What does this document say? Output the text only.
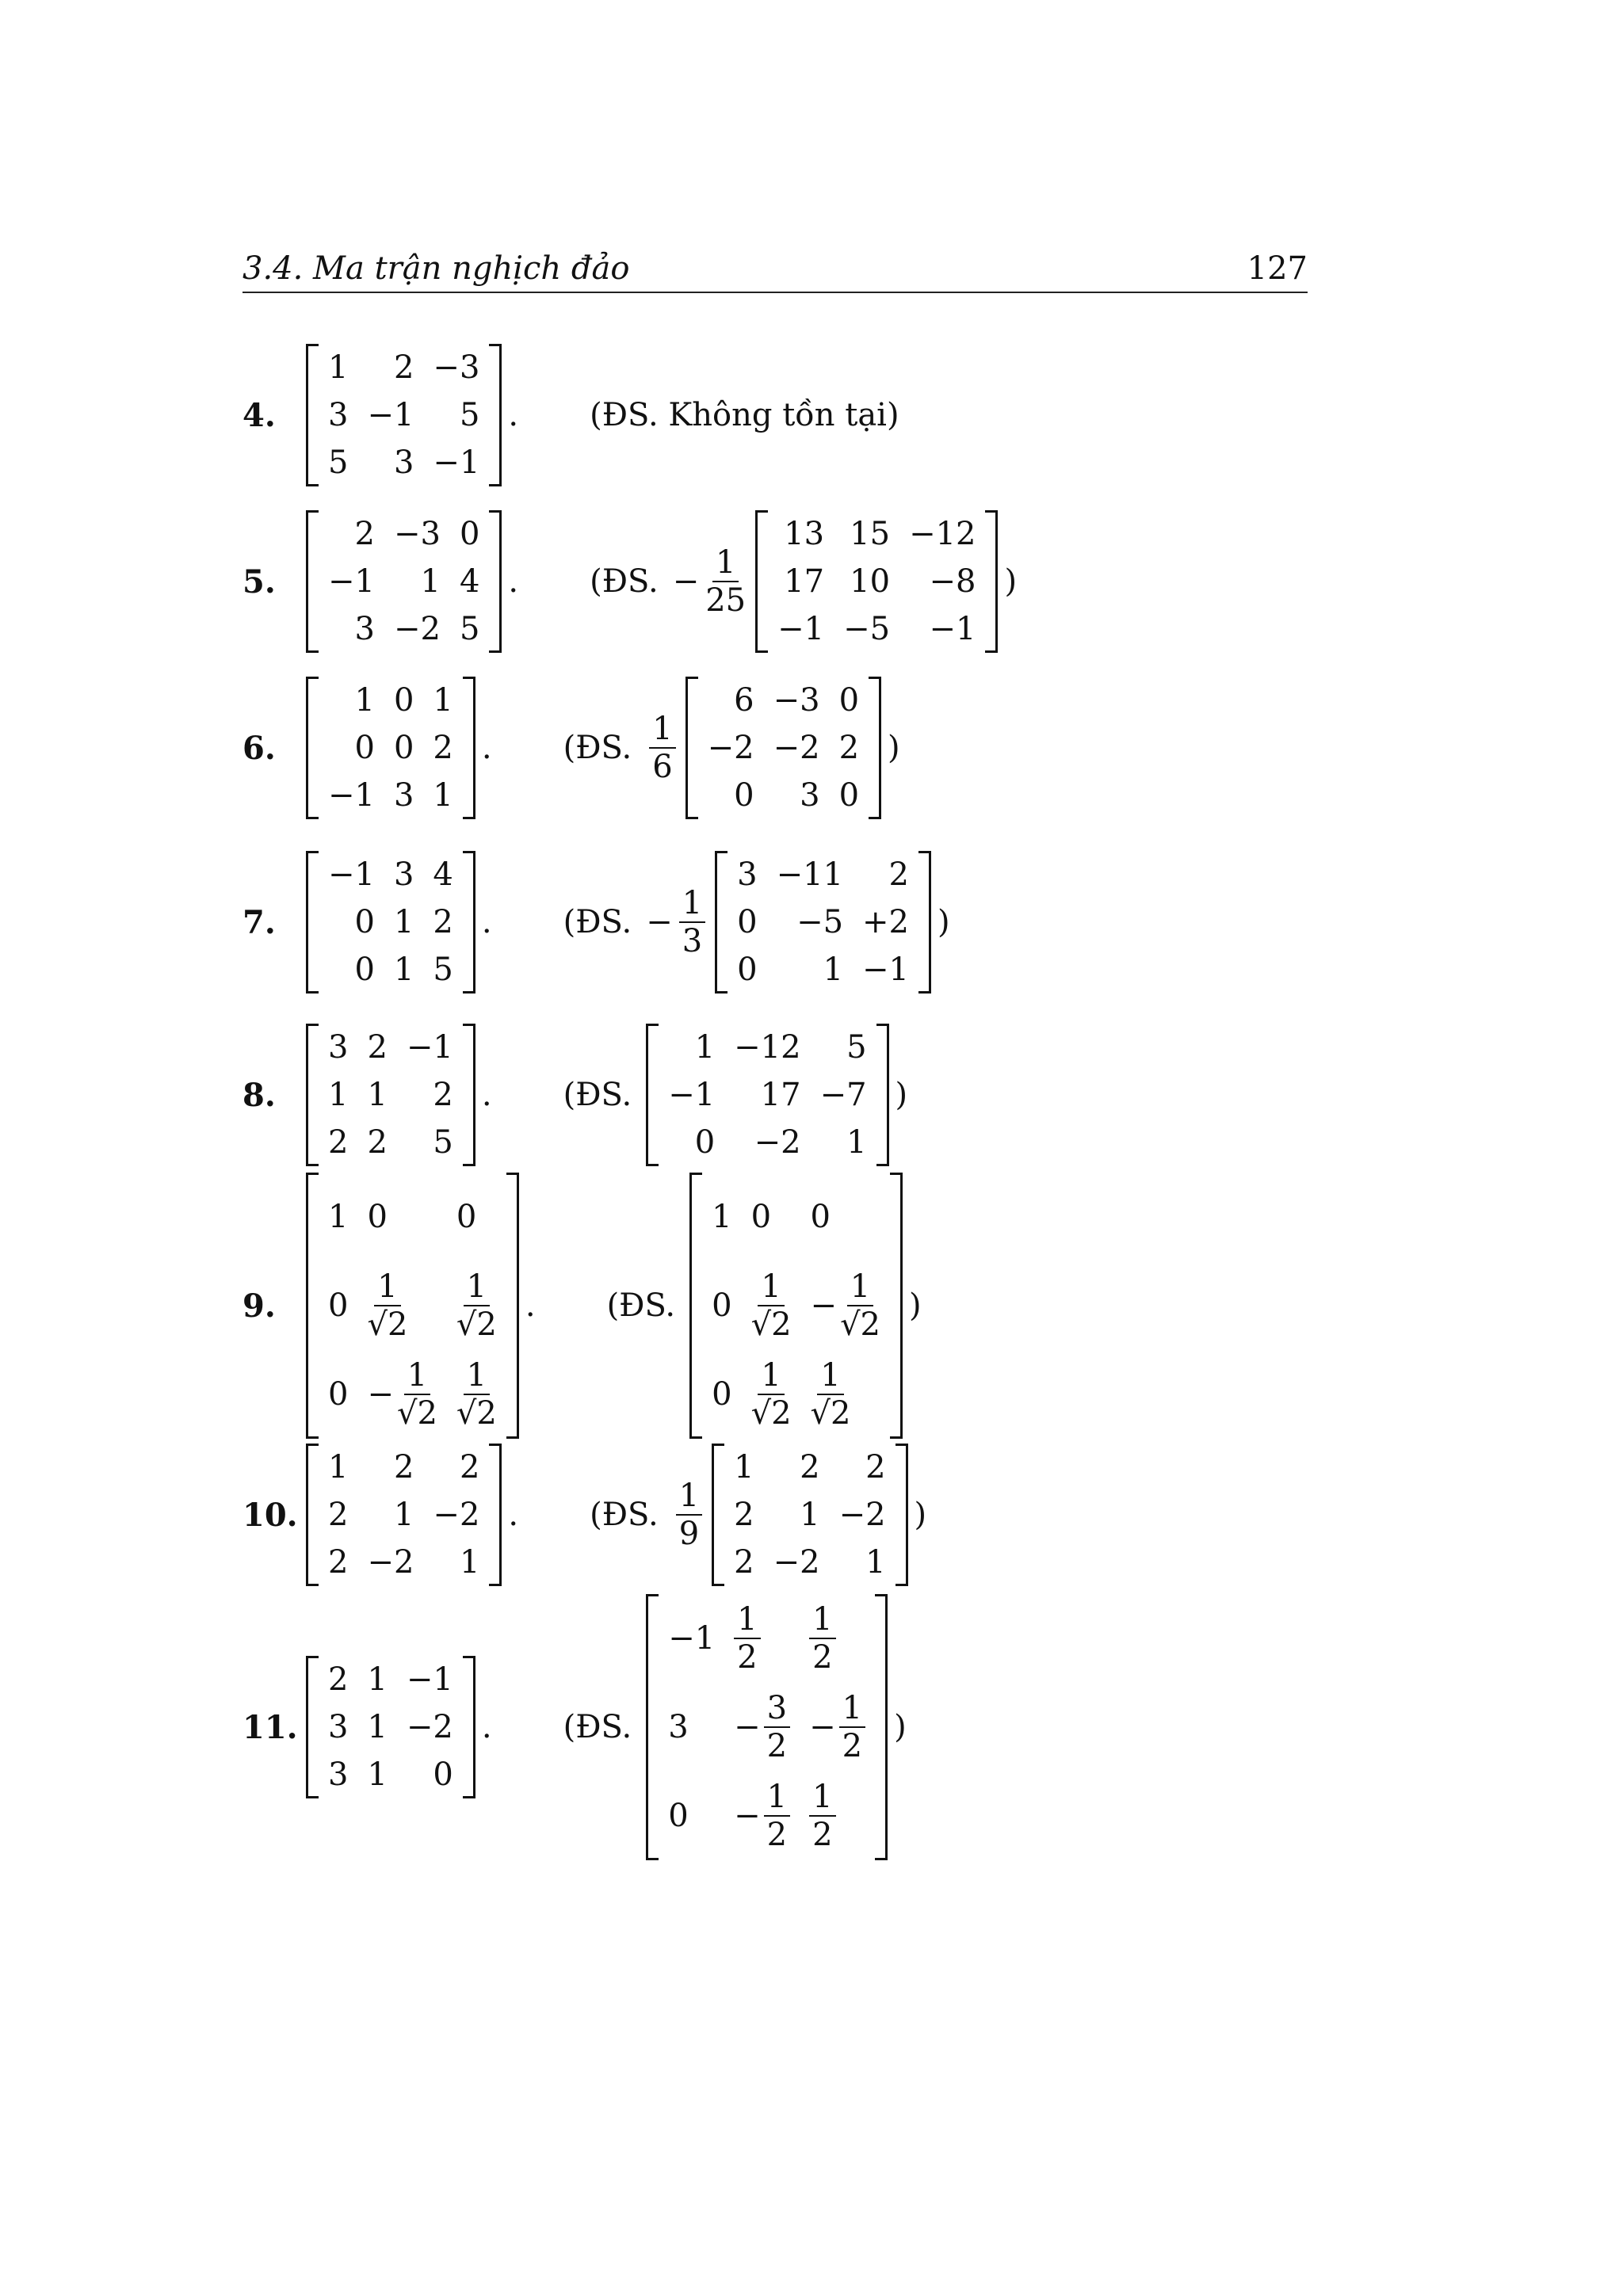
3.4. Ma trận nghịch đảo	127
4.
1	2	−3
3	−1	5
5	3	−1
. (ĐS. Không tồn tại)
5.
2	−3	0
−1	1	4
3	−2	5
. (ĐS. − $\frac{1}{25}$
13	15	−12
17	10	−8
−1	−5	−1
)
6.
1	0	1
0	0	2
−1	3	1
. (ĐS. $\frac{1}{6}$
6	−3	0
−2	−2	2
0	3	0
)
7.
−1	3	4
0	1	2
0	1	5
. (ĐS. − $\frac{1}{3}$
3	−11	2
0	−5	+2
0	1	−1
)
8.
3	2	−1
1	1	2
2	2	5
. (ĐS.
1	−12	5
−1	17	−7
0	−2	1
)
9.
1	0	0
0	$\frac{1}{√2}$	$\frac{1}{√2}$

0	− $\frac{1}{√2}$	$\frac{1}{√2}$
. (ĐS.
1	0	0
0	$\frac{1}{√2}$	− $\frac{1}{√2}$

0	$\frac{1}{√2}$	$\frac{1}{√2}$
)
10.
1	2	2
2	1	−2
2	−2	1
. (ĐS. $\frac{1}{9}$
1	2	2
2	1	−2
2	−2	1
)
11.
2	1	−1
3	1	−2
3	1	0
. (ĐS.
−1	$\frac{1}{2}$	$\frac{1}{2}$

3	− $\frac{3}{2}$	− $\frac{1}{2}$

0	− $\frac{1}{2}$	$\frac{1}{2}$
)
